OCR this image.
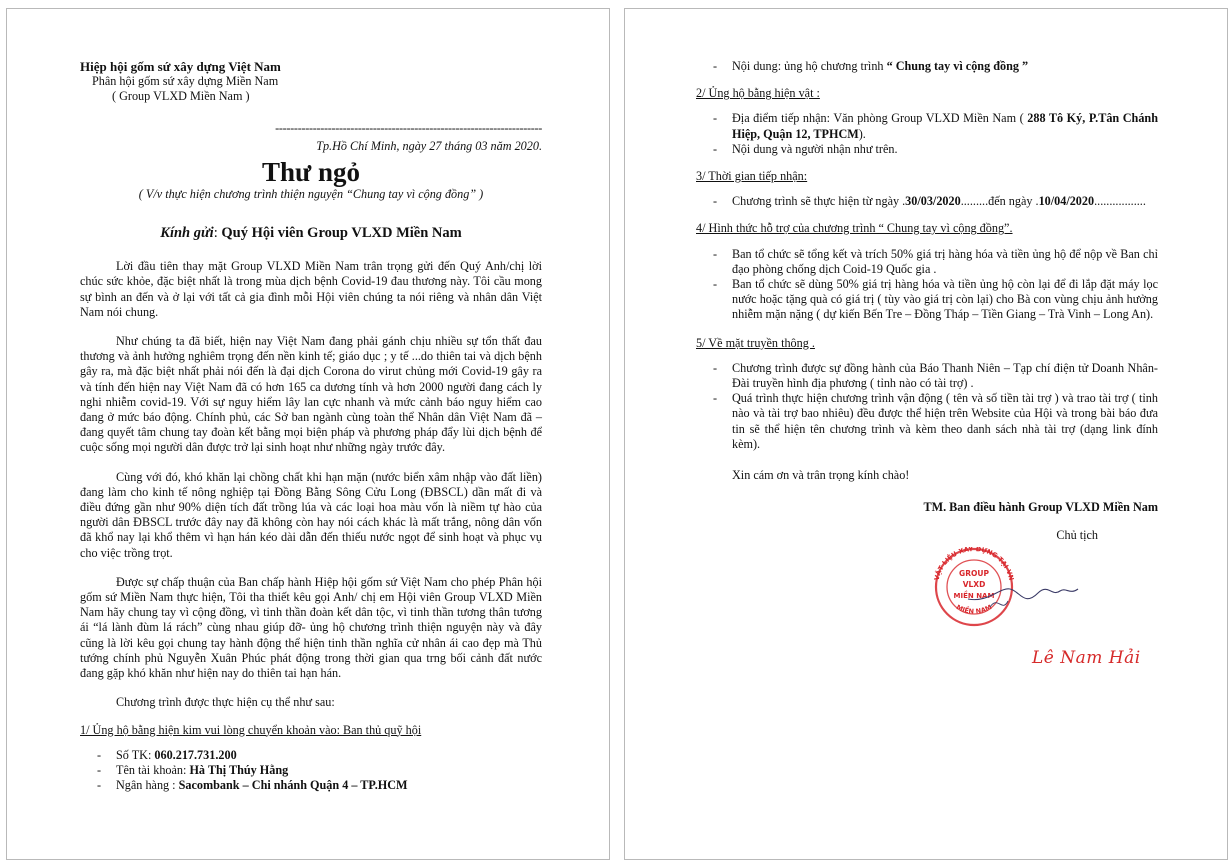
Hiệp hội gốm sứ xây dựng Việt Nam

Phân hội gốm sứ xây dựng Miền Nam

( Group VLXD Miền Nam )

-----------------------------------------------------------------------
Tp.Hồ Chí Minh, ngày 27 tháng 03 năm 2020.
Thư ngỏ
( V/v thực hiện chương trình thiện nguyện “Chung tay vì cộng đồng” )
Kính gửi: Quý Hội viên Group VLXD Miền Nam

Lời đầu tiên thay mặt Group VLXD Miền Nam trân trọng gửi đến Quý Anh/chị lời chúc sức khỏe, đặc biệt nhất là trong mùa dịch bệnh Covid-19 đau thương này. Tôi cầu mong sự bình an đến và ở lại với tất cả gia đình mỗi Hội viên chúng ta nói riêng và nhân dân Việt Nam nói chung.

Như chúng ta đã biết, hiện nay Việt Nam đang phải gánh chịu nhiều sự tổn thất đau thương và ảnh hưởng nghiêm trọng đến nền kinh tế; giáo dục ; y tế ...do thiên tai và dịch bệnh gây ra, mà đặc biệt nhất phải nói đến là đại dịch Corona do virut chủng mới Covid-19 gây ra và tính đến hiện nay Việt Nam đã có hơn 165 ca dương tính và hơn 2000 người đang cách ly nghi nhiễm covid-19. Với sự nguy hiểm lây lan cực nhanh và mức cảnh báo nguy hiểm cao đang ở mức báo động. Chính phủ, các Sở ban ngành cùng toàn thể Nhân dân Việt Nam đã – đang quyết tâm chung tay đoàn kết bằng mọi biện pháp và phương pháp đẩy lùi dịch bệnh để cuộc sống mọi người dân được trở lại sinh hoạt như những ngày trước đây.

Cùng với đó, khó khăn lại chồng chất khi hạn mặn (nước biển xâm nhập vào đất liền) đang làm cho kinh tế nông nghiệp tại Đồng Bằng Sông Cửu Long (ĐBSCL) dần mất đi và điều đứng gần như 90% diện tích đất trồng lúa và các loại hoa màu vốn là niềm tự hào của người dân ĐBSCL trước đây nay đã không còn hay nói cách khác là mất trắng, nông dân vốn đã khổ nay lại khổ thêm vì hạn hán kéo dài dẫn đến thiếu nước ngọt để sinh hoạt và phục vụ cho việc trồng trọt.

Được sự chấp thuận của Ban chấp hành Hiệp hội gốm sứ Việt Nam cho phép Phân hội gốm sứ Miền Nam thực hiện, Tôi tha thiết kêu gọi Anh/ chị em Hội viên Group VLXD Miền Nam hãy chung tay vì cộng đồng, vì tinh thần đoàn kết dân tộc, vì tinh thần tương thân tương ái “lá lành đùm lá rách” cùng nhau giúp đỡ- ủng hộ chương trình thiện nguyện này và đây cũng là lời kêu gọi chung tay hành động thể hiện tinh thần nghĩa cử nhân ái cao đẹp mà Thủ tướng chính phủ Nguyễn Xuân Phúc phát động trong thời gian qua trng bối cảnh đất nước đang gặp khó khăn như hiện nay do thiên tai hạn hán.

Chương trình được thực hiện cụ thể như sau:

1/ Ủng hộ bằng hiện kim vui lòng chuyển khoản vào: Ban thủ quỹ hội

- Số TK: 060.217.731.200
- Tên tài khoản: Hà Thị Thúy Hằng
- Ngân hàng : Sacombank – Chi nhánh Quận 4 – TP.HCM
- Nội dung: ủng hộ chương trình “ Chung tay vì cộng đồng ”

2/ Ủng hộ bằng hiện vật :

- Địa điểm tiếp nhận: Văn phòng Group VLXD Miền Nam ( 288 Tô Ký, P.Tân Chánh Hiệp, Quận 12, TPHCM).
- Nội dung và người nhận như trên.

3/ Thời gian tiếp nhận:

- Chương trình sẽ thực hiện từ ngày .30/03/2020.........đến ngày .10/04/2020.................

4/ Hình thức hỗ trợ của chương trình “ Chung tay vì cộng đồng”.

- Ban tổ chức sẽ tổng kết và trích 50% giá trị hàng hóa và tiền ủng hộ để nộp về Ban chỉ đạo phòng chống dịch Coid-19 Quốc gia .
- Ban tổ chức sẽ dùng 50% giá trị hàng hóa và tiền ủng hộ còn lại để đi lắp đặt máy lọc nước hoặc tặng quà có giá trị ( tùy vào giá trị còn lại) cho Bà con vùng chịu ảnh hưởng nhiễm mặn nặng ( dự kiến Bến Tre – Đồng Tháp – Tiền Giang – Trà Vinh – Long An).

5/ Về mặt truyền thông .

- Chương trình được sự đồng hành của Báo Thanh Niên – Tạp chí điện tử Doanh Nhân- Đài truyền hình địa phương ( tỉnh nào có tài trợ) .
- Quá trình thực hiện chương trình vận động ( tên và số tiền tài trợ ) và trao tài trợ ( tỉnh nào và tài trợ bao nhiêu) đều được thể hiện trên Website của Hội và trong bài báo đưa tin sẽ thể hiện tên chương trình và kèm theo danh sách nhà tài trợ (dạng link đính kèm).

Xin cám ơn và trân trọng kính chào!

TM. Ban điều hành Group VLXD Miền Nam

Chủ tịch

VẬT LIỆU XÂY DỰNG TẠI VN
MIỀN NAM
GROUP
VLXD
MIỀN NAM
Lê Nam Hải
